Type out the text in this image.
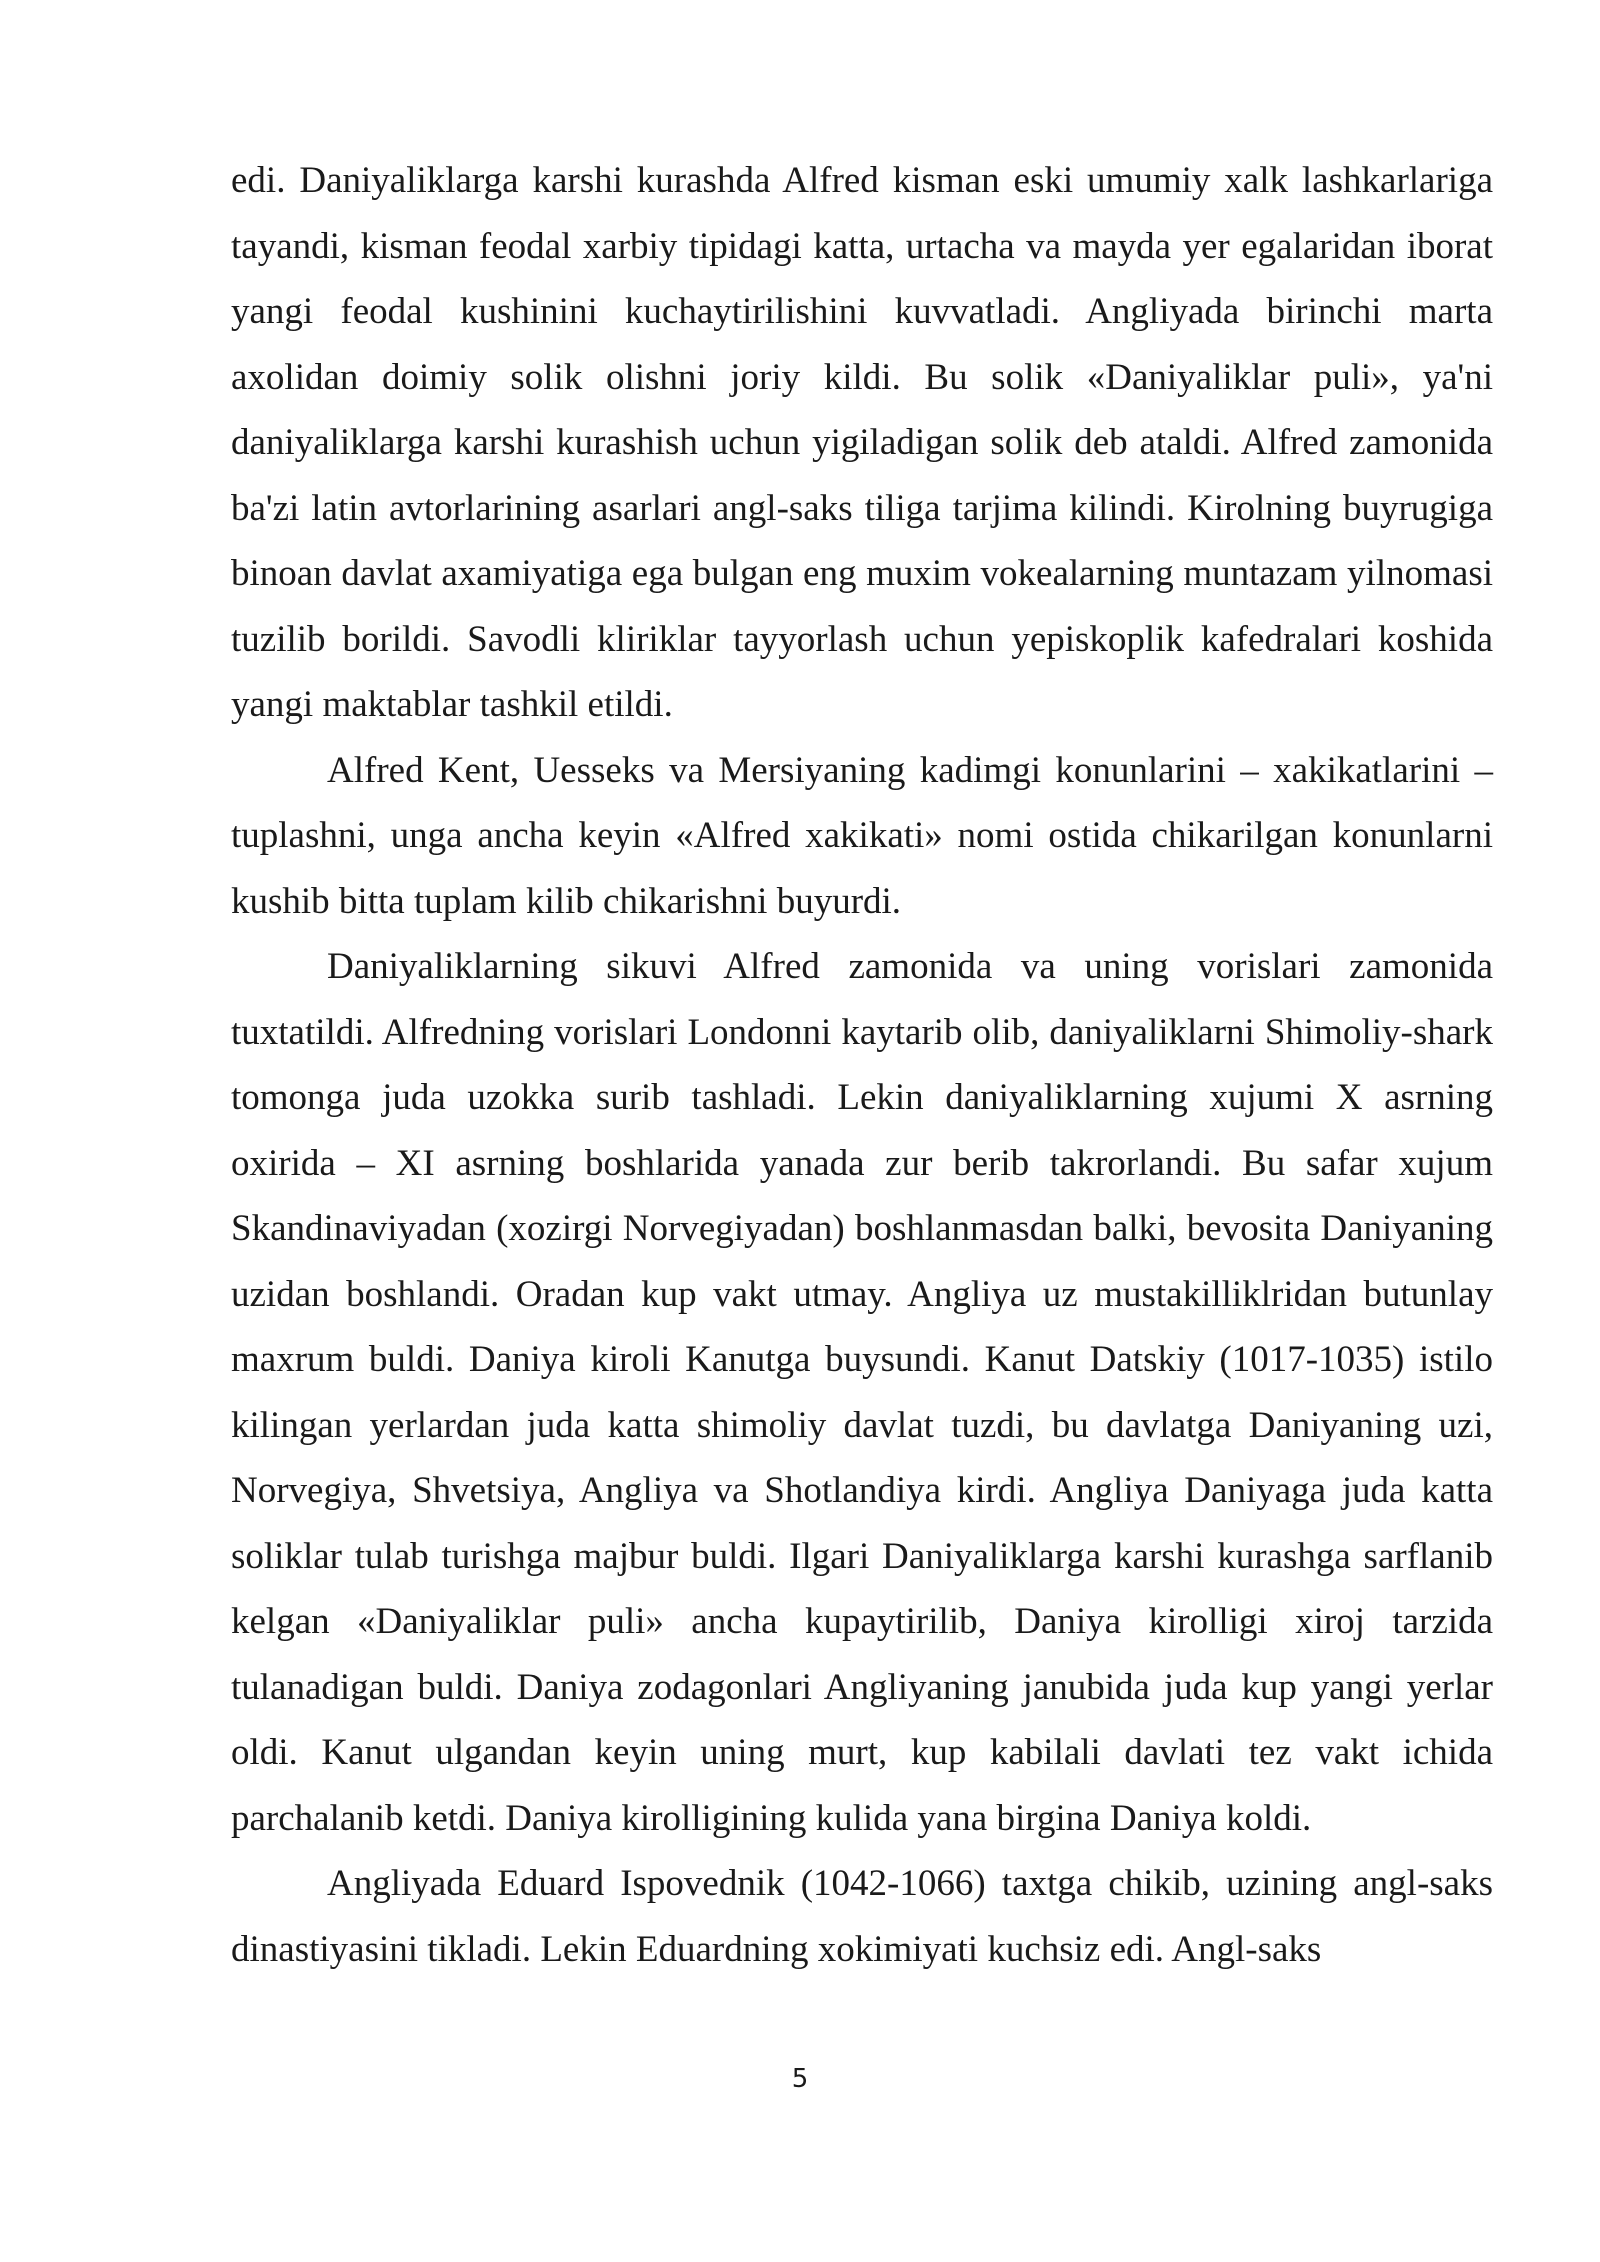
edi. Daniyaliklarga karshi kurashda Alfred kisman eski umumiy xalk lashkarlariga tayandi, kisman feodal xarbiy tipidagi katta, urtacha va mayda yer egalaridan iborat yangi feodal kushinini kuchaytirilishini kuvvatladi. Angliyada birinchi marta axolidan doimiy solik olishni joriy kildi. Bu solik «Daniyaliklar puli», ya'ni daniyaliklarga karshi kurashish uchun yigiladigan solik deb ataldi. Alfred zamonida ba'zi latin avtorlarining asarlari angl-saks tiliga tarjima kilindi. Kirolning buyrugiga binoan davlat axamiyatiga ega bulgan eng muxim vokealarning muntazam yilnomasi tuzilib borildi. Savodli kliriklar tayyorlash uchun yepiskoplik kafedralari koshida yangi maktablar tashkil etildi.

Alfred Kent, Uesseks va Mersiyaning kadimgi konunlarini – xakikatlarini – tuplashni, unga ancha keyin «Alfred xakikati» nomi ostida chikarilgan konunlarni kushib bitta tuplam kilib chikarishni buyurdi.

Daniyaliklarning sikuvi Alfred zamonida va uning vorislari zamonida tuxtatildi. Alfredning vorislari Londonni kaytarib olib, daniyaliklarni Shimoliy-shark tomonga juda uzokka surib tashladi. Lekin daniyaliklarning xujumi X asrning oxirida – XI asrning boshlarida yanada zur berib takrorlandi. Bu safar xujum Skandinaviyadan (xozirgi Norvegiyadan) boshlanmasdan balki, bevosita Daniyaning uzidan boshlandi. Oradan kup vakt utmay. Angliya uz mustakilliklridan butunlay maxrum buldi. Daniya kiroli Kanutga buysundi. Kanut Datskiy (1017-1035) istilo kilingan yerlardan juda katta shimoliy davlat tuzdi, bu davlatga Daniyaning uzi, Norvegiya, Shvetsiya, Angliya va Shotlandiya kirdi. Angliya Daniyaga juda katta soliklar tulab turishga majbur buldi. Ilgari Daniyaliklarga karshi kurashga sarflanib kelgan «Daniyaliklar puli» ancha kupaytirilib, Daniya kirolligi xiroj tarzida tulanadigan buldi. Daniya zodagonlari Angliyaning janubida juda kup yangi yerlar oldi. Kanut ulgandan keyin uning murt, kup kabilali davlati tez vakt ichida parchalanib ketdi. Daniya kirolligining kulida yana birgina Daniya koldi.

Angliyada Eduard Ispovednik (1042-1066) taxtga chikib, uzining angl-saks dinastiyasini tikladi. Lekin Eduardning xokimiyati kuchsiz edi. Angl-saks

5
